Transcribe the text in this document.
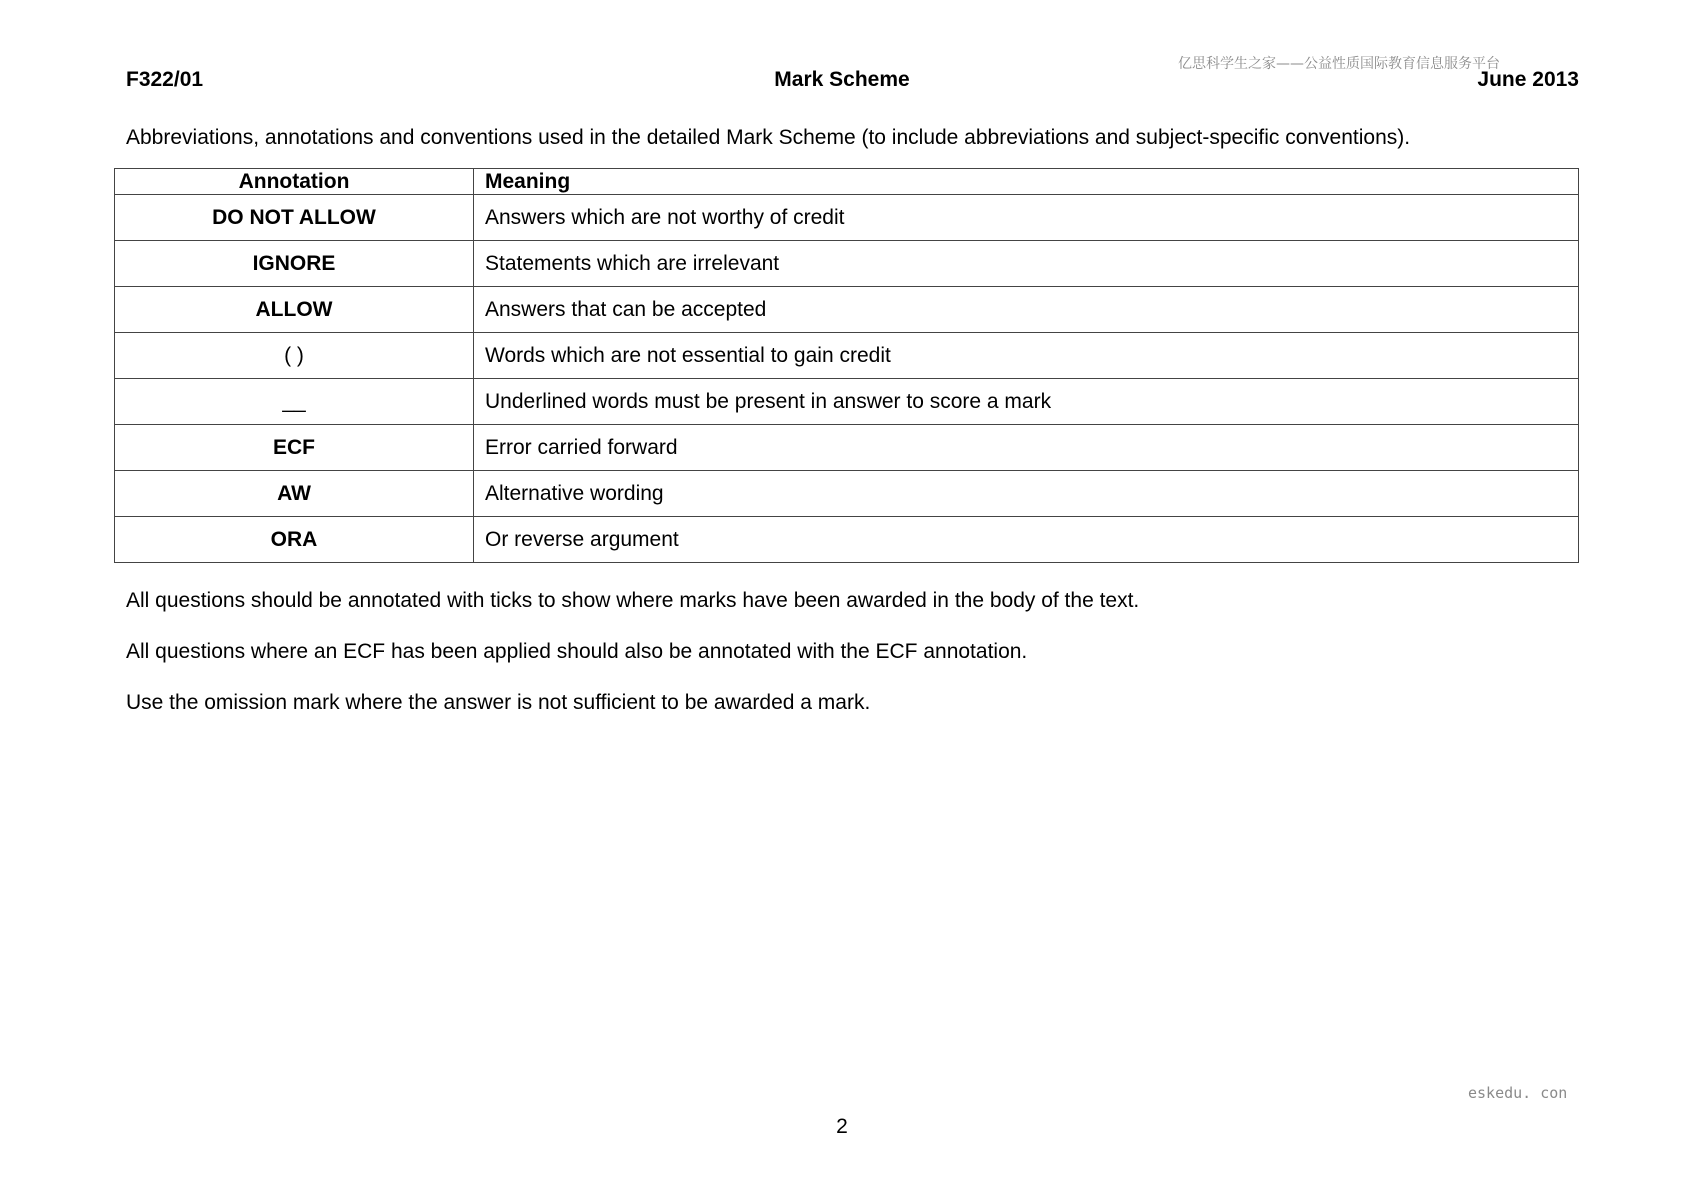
亿思科学生之家——公益性质国际教育信息服务平台
F322/01	Mark Scheme	June 2013
Abbreviations, annotations and conventions used in the detailed Mark Scheme (to include abbreviations and subject-specific conventions).
Annotation	Meaning
DO NOT ALLOW	Answers which are not worthy of credit
IGNORE	Statements which are irrelevant
ALLOW	Answers that can be accepted
( )	Words which are not essential to gain credit
__	Underlined words must be present in answer to score a mark
ECF	Error carried forward
AW	Alternative wording
ORA	Or reverse argument
All questions should be annotated with ticks to show where marks have been awarded in the body of the text.
All questions where an ECF has been applied should also be annotated with the ECF annotation.
Use the omission mark where the answer is not sufficient to be awarded a mark.
eskedu. con
2
